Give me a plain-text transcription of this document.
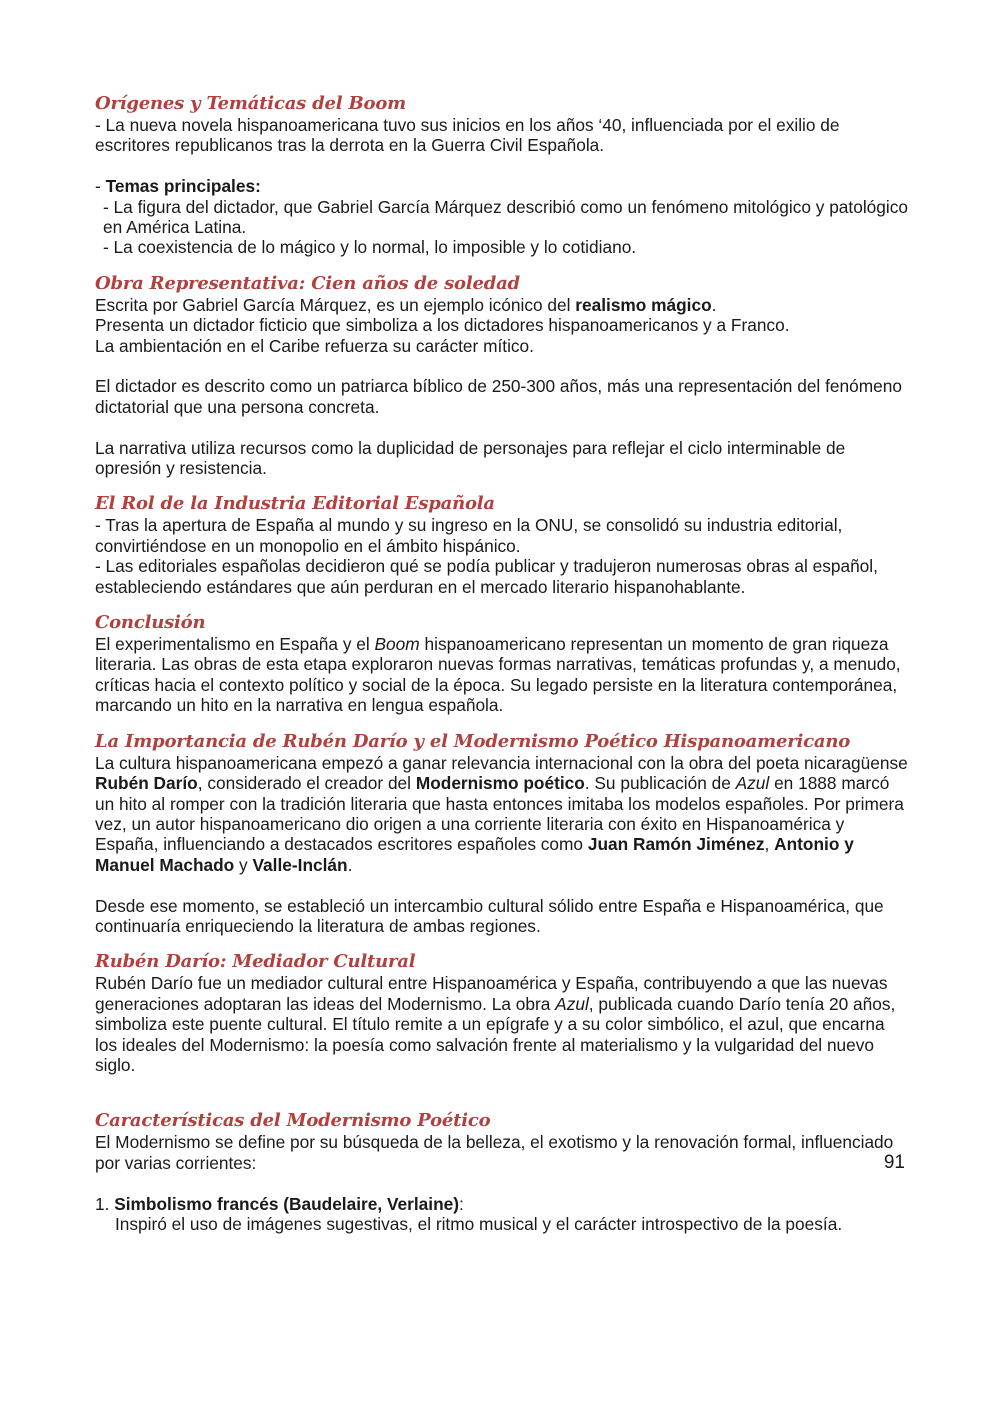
Orígenes y Temáticas del Boom

- La nueva novela hispanoamericana tuvo sus inicios en los años ‘40, influenciada por el exilio de escritores republicanos tras la derrota en la Guerra Civil Española.

- Temas principales:

- La figura del dictador, que Gabriel García Márquez describió como un fenómeno mitológico y patológico en América Latina.

- La coexistencia de lo mágico y lo normal, lo imposible y lo cotidiano.

Obra Representativa: Cien años de soledad

Escrita por Gabriel García Márquez, es un ejemplo icónico del realismo mágico.

Presenta un dictador ficticio que simboliza a los dictadores hispanoamericanos y a Franco.

La ambientación en el Caribe refuerza su carácter mítico.

El dictador es descrito como un patriarca bíblico de 250-300 años, más una representación del fenómeno dictatorial que una persona concreta.

La narrativa utiliza recursos como la duplicidad de personajes para reflejar el ciclo interminable de opresión y resistencia.

El Rol de la Industria Editorial Española

- Tras la apertura de España al mundo y su ingreso en la ONU, se consolidó su industria editorial, convirtiéndose en un monopolio en el ámbito hispánico.

- Las editoriales españolas decidieron qué se podía publicar y tradujeron numerosas obras al español, estableciendo estándares que aún perduran en el mercado literario hispanohablante.

Conclusión

El experimentalismo en España y el Boom hispanoamericano representan un momento de gran riqueza literaria. Las obras de esta etapa exploraron nuevas formas narrativas, temáticas profundas y, a menudo, críticas hacia el contexto político y social de la época. Su legado persiste en la literatura contemporánea, marcando un hito en la narrativa en lengua española.

La Importancia de Rubén Darío y el Modernismo Poético Hispanoamericano

La cultura hispanoamericana empezó a ganar relevancia internacional con la obra del poeta nicaragüense Rubén Darío, considerado el creador del Modernismo poético. Su publicación de Azul en 1888 marcó un hito al romper con la tradición literaria que hasta entonces imitaba los modelos españoles. Por primera vez, un autor hispanoamericano dio origen a una corriente literaria con éxito en Hispanoamérica y España, influenciando a destacados escritores españoles como Juan Ramón Jiménez, Antonio y Manuel Machado y Valle-Inclán.

Desde ese momento, se estableció un intercambio cultural sólido entre España e Hispanoamérica, que continuaría enriqueciendo la literatura de ambas regiones.

Rubén Darío: Mediador Cultural

Rubén Darío fue un mediador cultural entre Hispanoamérica y España, contribuyendo a que las nuevas generaciones adoptaran las ideas del Modernismo. La obra Azul, publicada cuando Darío tenía 20 años, simboliza este puente cultural. El título remite a un epígrafe y a su color simbólico, el azul, que encarna los ideales del Modernismo: la poesía como salvación frente al materialismo y la vulgaridad del nuevo siglo.

Características del Modernismo Poético

El Modernismo se define por su búsqueda de la belleza, el exotismo y la renovación formal, influenciado por varias corrientes:

1. Simbolismo francés (Baudelaire, Verlaine):

Inspiró el uso de imágenes sugestivas, el ritmo musical y el carácter introspectivo de la poesía.

91
